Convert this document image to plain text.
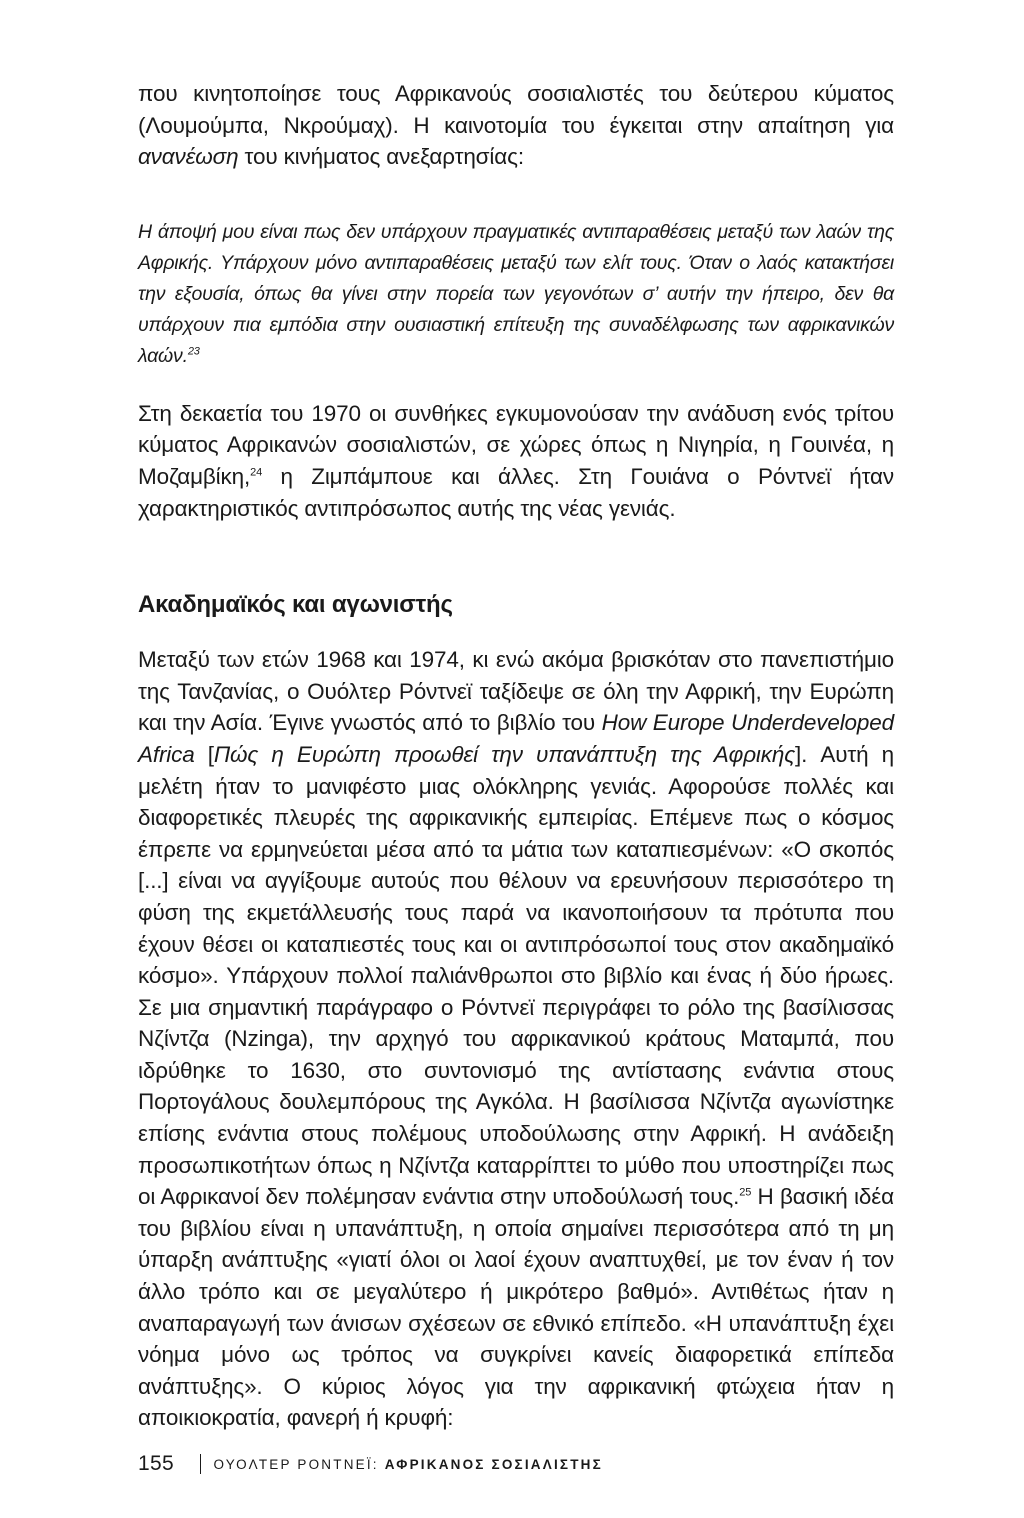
που κινητοποίησε τους Αφρικανούς σοσιαλιστές του δεύτερου κύματος (Λουμούμπα, Νκρούμαχ). Η καινοτομία του έγκειται στην απαίτηση για ανανέωση του κινήματος ανεξαρτησίας:

Η άποψή μου είναι πως δεν υπάρχουν πραγματικές αντιπαραθέσεις μεταξύ των λαών της Αφρικής. Υπάρχουν μόνο αντιπαραθέσεις μεταξύ των ελίτ τους. Όταν ο λαός κατακτήσει την εξουσία, όπως θα γίνει στην πορεία των γεγονότων σ’ αυτήν την ήπειρο, δεν θα υπάρχουν πια εμπόδια στην ουσιαστική επίτευξη της συναδέλφωσης των αφρικανικών λαών.$^{23}$

Στη δεκαετία του 1970 οι συνθήκες εγκυμονούσαν την ανάδυση ενός τρίτου κύματος Αφρικανών σοσιαλιστών, σε χώρες όπως η Νιγηρία, η Γουινέα, η Μοζαμβίκη,$^{24}$ η Ζιμπάμπουε και άλλες. Στη Γουιάνα ο Ρόντνεϊ ήταν χαρακτηριστικός αντιπρόσωπος αυτής της νέας γενιάς.

Ακαδημαϊκός και αγωνιστής

Μεταξύ των ετών 1968 και 1974, κι ενώ ακόμα βρισκόταν στο πανεπιστήμιο της Τανζανίας, ο Ουόλτερ Ρόντνεϊ ταξίδεψε σε όλη την Αφρική, την Ευρώπη και την Ασία. Έγινε γνωστός από το βιβλίο του How Europe Underdeveloped Africa [Πώς η Ευρώπη προωθεί την υπανάπτυξη της Αφρικής]. Αυτή η μελέτη ήταν το μανιφέστο μιας ολόκληρης γενιάς. Αφορούσε πολλές και διαφορετικές πλευρές της αφρικανικής εμπειρίας. Επέμενε πως ο κόσμος έπρεπε να ερμηνεύεται μέσα από τα μάτια των καταπιεσμένων: «Ο σκοπός [...] είναι να αγγίξουμε αυτούς που θέλουν να ερευνήσουν περισσότερο τη φύση της εκμετάλλευσής τους παρά να ικανοποιήσουν τα πρότυπα που έχουν θέσει οι καταπιεστές τους και οι αντιπρόσωποί τους στον ακαδημαϊκό κόσμο». Υπάρχουν πολλοί παλιάνθρωποι στο βιβλίο και ένας ή δύο ήρωες. Σε μια σημαντική παράγραφο ο Ρόντνεϊ περιγράφει το ρόλο της βασίλισσας Νζίντζα (Nzinga), την αρχηγό του αφρικανικού κράτους Ματαμπά, που ιδρύθηκε το 1630, στο συντονισμό της αντίστασης ενάντια στους Πορτογάλους δουλεμπόρους της Αγκόλα. Η βασίλισσα Νζίντζα αγωνίστηκε επίσης ενάντια στους πολέμους υποδούλωσης στην Αφρική. Η ανάδειξη προσωπικοτήτων όπως η Νζίντζα καταρρίπτει το μύθο που υποστηρίζει πως οι Αφρικανοί δεν πολέμησαν ενάντια στην υποδούλωσή τους.$^{25}$ Η βασική ιδέα του βιβλίου είναι η υπανάπτυξη, η οποία σημαίνει περισσότερα από τη μη ύπαρξη ανάπτυξης «γιατί όλοι οι λαοί έχουν αναπτυχθεί, με τον έναν ή τον άλλο τρόπο και σε μεγαλύτερο ή μικρότερο βαθμό». Αντιθέτως ήταν η αναπαραγωγή των άνισων σχέσεων σε εθνικό επίπεδο. «Η υπανάπτυξη έχει νόημα μόνο ως τρόπος να συγκρίνει κανείς διαφορετικά επίπεδα ανάπτυξης». Ο κύριος λόγος για την αφρικανική φτώχεια ήταν η αποικιοκρατία, φανερή ή κρυφή:

155	ΟΥΟΛΤΕΡ ΡΟΝΤΝΕΪ: ΑΦΡΙΚΑΝΟΣ ΣΟΣΙΑΛΙΣΤΗΣ
